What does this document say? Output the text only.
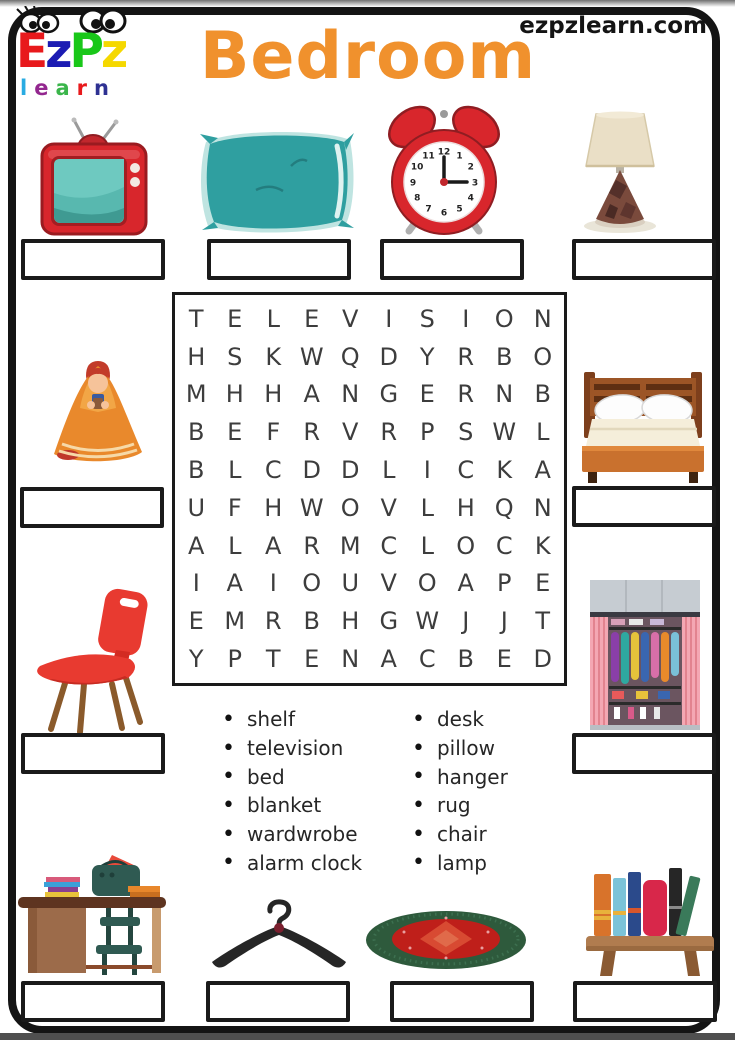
EzPz
learn	Bedroom
ezpzlearn.com
12 1
2
3
4
5
6
7
8
9
10
11
T E	L	E V	I	S	I	O N
H S K W Q D Y R B O
M H H A N G E R N B
B E	F R V R P S W L
B L C D D L	I	C K A
U F H W O V L H Q N
A L A R M C L O C K
I	A	I	O U V O A P E
E M R B H G W J	J	T
Y P T E N A C B E D
• shelf
• television
• bed
• blanket
• wardwrobe
• alarm clock
• desk
• pillow
• hanger
• rug
• chair
• lamp
